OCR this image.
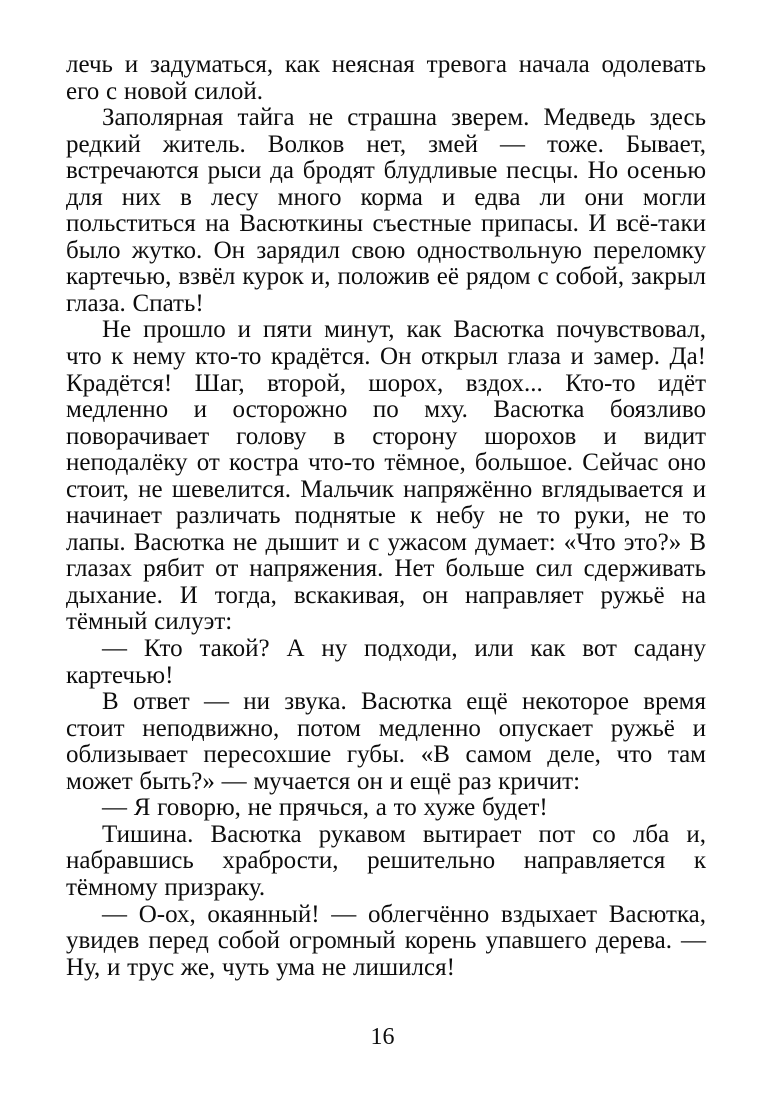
лечь и задуматься, как неясная тревога начала одолевать его с новой силой.

Заполярная тайга не страшна зверем. Медведь здесь редкий житель. Волков нет, змей — тоже. Бывает, встречаются рыси да бродят блудливые песцы. Но осенью для них в лесу много корма и едва ли они могли польститься на Васюткины съестные припасы. И всё-таки было жутко. Он зарядил свою одноствольную переломку картечью, взвёл курок и, положив её рядом с собой, закрыл глаза. Спать!

Не прошло и пяти минут, как Васютка почувствовал, что к нему кто-то крадётся. Он открыл глаза и замер. Да! Крадётся! Шаг, второй, шорох, вздох... Кто-то идёт медленно и осторожно по мху. Васютка боязливо поворачивает голову в сторону шорохов и видит неподалёку от костра что-то тёмное, большое. Сейчас оно стоит, не шевелится. Мальчик напряжённо вглядывается и начинает различать поднятые к небу не то руки, не то лапы. Васютка не дышит и с ужасом думает: «Что это?» В глазах рябит от напряжения. Нет больше сил сдерживать дыхание. И тогда, вскакивая, он направляет ружьё на тёмный силуэт:

— Кто такой? А ну подходи, или как вот садану картечью!

В ответ — ни звука. Васютка ещё некоторое время стоит неподвижно, потом медленно опускает ружьё и облизывает пересохшие губы. «В самом деле, что там может быть?» — мучается он и ещё раз кричит:

— Я говорю, не прячься, а то хуже будет!

Тишина. Васютка рукавом вытирает пот со лба и, набравшись храбрости, решительно направляется к тёмному призраку.

— О-ох, окаянный! — облегчённо вздыхает Васютка, увидев перед собой огромный корень упавшего дерева. — Ну, и трус же, чуть ума не лишился!

16
